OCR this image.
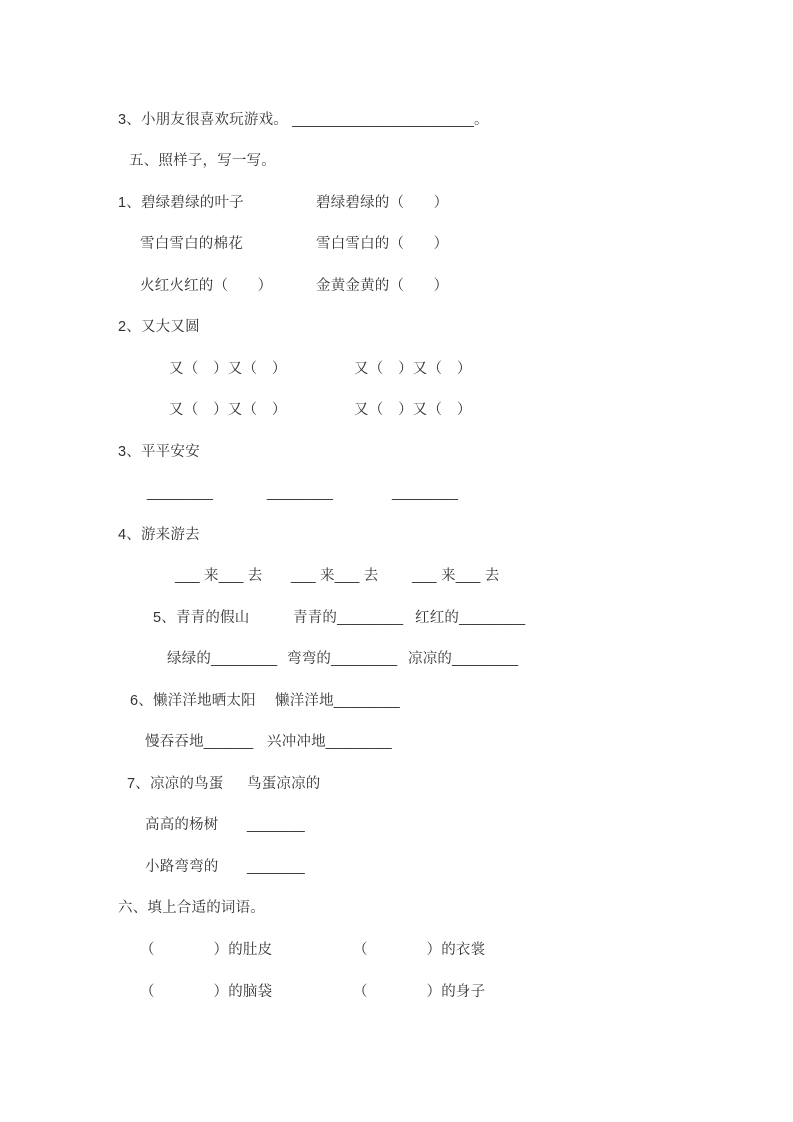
3、小朋友很喜欢玩游戏。 ______________________。
五、照样子，写一写。
1、碧绿碧绿的叶子	碧绿碧绿的（　　）
雪白雪白的棉花	雪白雪白的（　　）
火红火红的（　　）	金黄金黄的（　　）
2、又大又圆
又（　）又（　）	又（　）又（　）
又（　）又（　）	又（　）又（　）
3、平平安安
________	________	________
4、游来游去
___ 来___ 去 ___ 来___ 去 ___ 来___ 去
5、青青的假山	青青的________ 红红的________
绿绿的________ 弯弯的________ 凉凉的________
6、懒洋洋地晒太阳 懒洋洋地________
慢吞吞地______ 兴冲冲地________
7、凉凉的鸟蛋 鸟蛋凉凉的
高高的杨树 _______
小路弯弯的 _______
六、填上合适的词语。
（　　　　）的肚皮	（　　　　）的衣裳
（　　　　）的脑袋	（　　　　）的身子
